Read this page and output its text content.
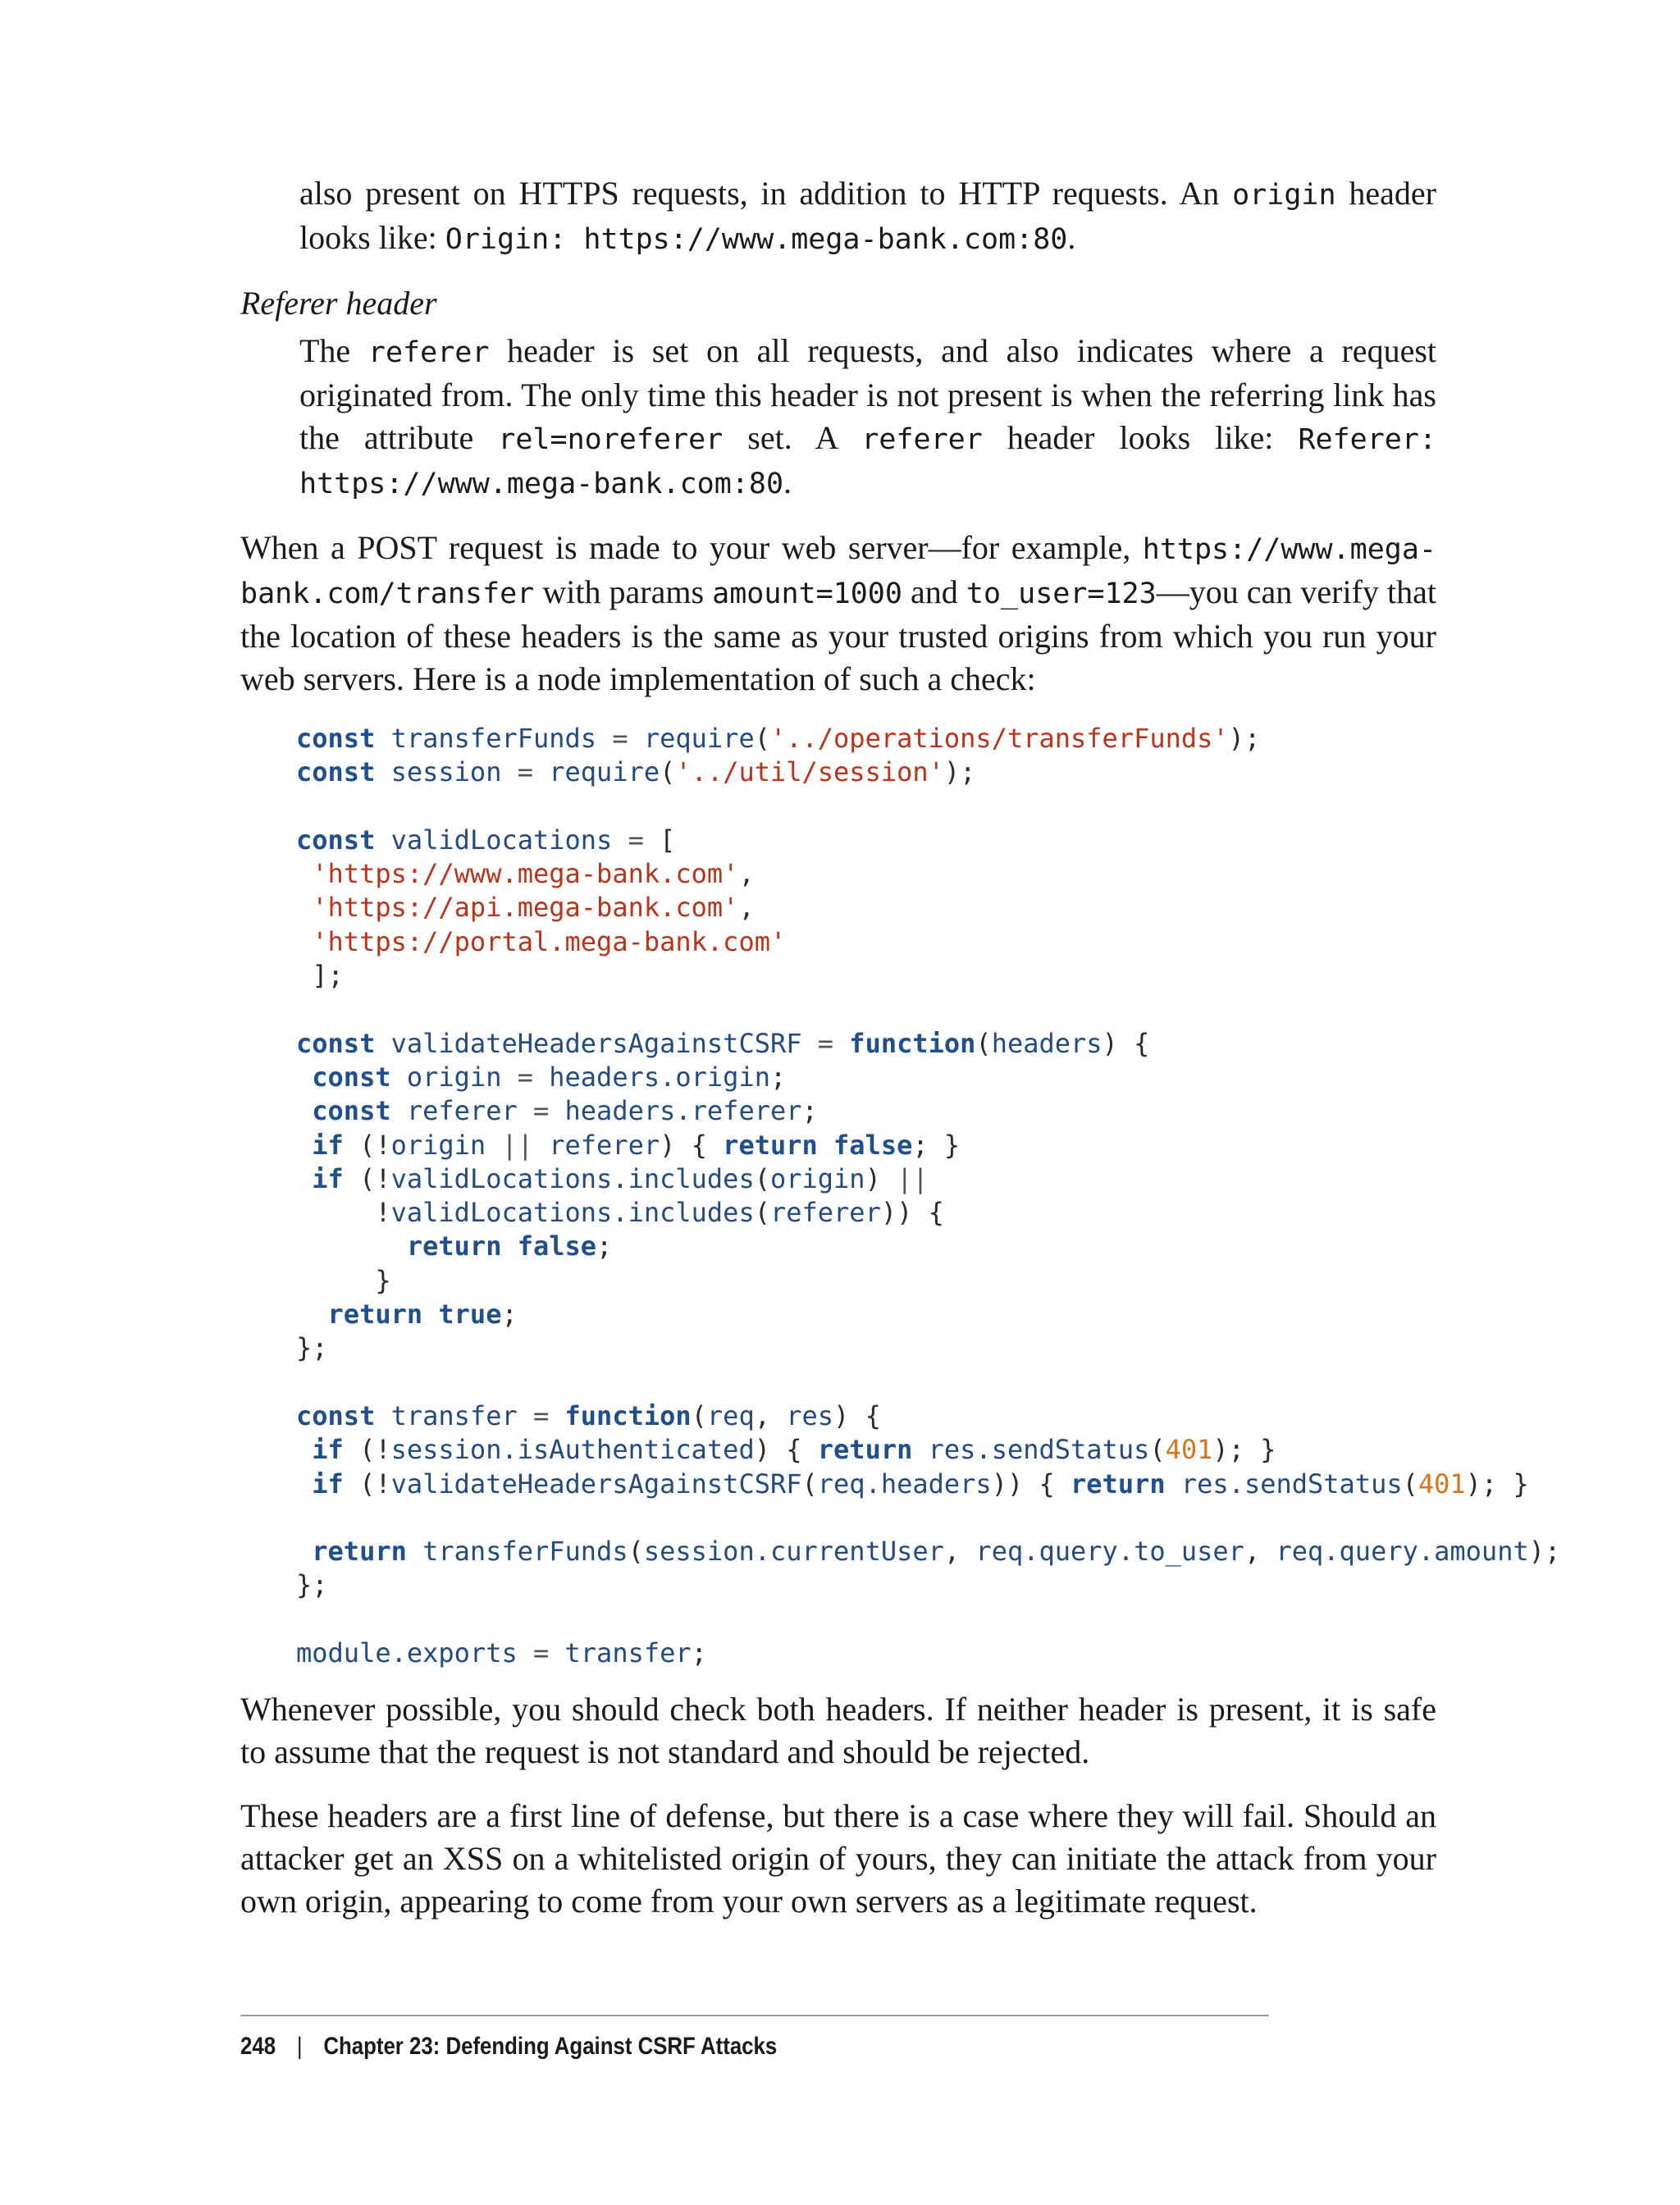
also present on HTTPS requests, in addition to HTTP requests. An origin header looks like: Origin: https://www.mega-bank.com:80.

Referer header

The referer header is set on all requests, and also indicates where a request originated from. The only time this header is not present is when the referring link has the attribute rel=noreferer set. A referer header looks like: Referer: https://www.mega-bank.com:80.

When a POST request is made to your web server—for example, https://www.mega-bank.com/transfer with params amount=1000 and to_user=123—you can verify that the location of these headers is the same as your trusted origins from which you run your web servers. Here is a node implementation of such a check:

const transferFunds = require('../operations/transferFunds');
const session = require('../util/session');

const validLocations = [
'https://www.mega-bank.com',
'https://api.mega-bank.com',
'https://portal.mega-bank.com'
];

const validateHeadersAgainstCSRF = function(headers) {
const origin = headers.origin;
const referer = headers.referer;
if (!origin || referer) { return false; }
if (!validLocations.includes(origin) ||
!validLocations.includes(referer)) {
return false;
}
return true;
};

const transfer = function(req, res) {
if (!session.isAuthenticated) { return res.sendStatus(401); }
if (!validateHeadersAgainstCSRF(req.headers)) { return res.sendStatus(401); }

return transferFunds(session.currentUser, req.query.to_user, req.query.amount);
};

module.exports = transfer;

Whenever possible, you should check both headers. If neither header is present, it is safe to assume that the request is not standard and should be rejected.

These headers are a first line of defense, but there is a case where they will fail. Should an attacker get an XSS on a whitelisted origin of yours, they can initiate the attack from your own origin, appearing to come from your own servers as a legitimate request.

248 | Chapter 23: Defending Against CSRF Attacks
